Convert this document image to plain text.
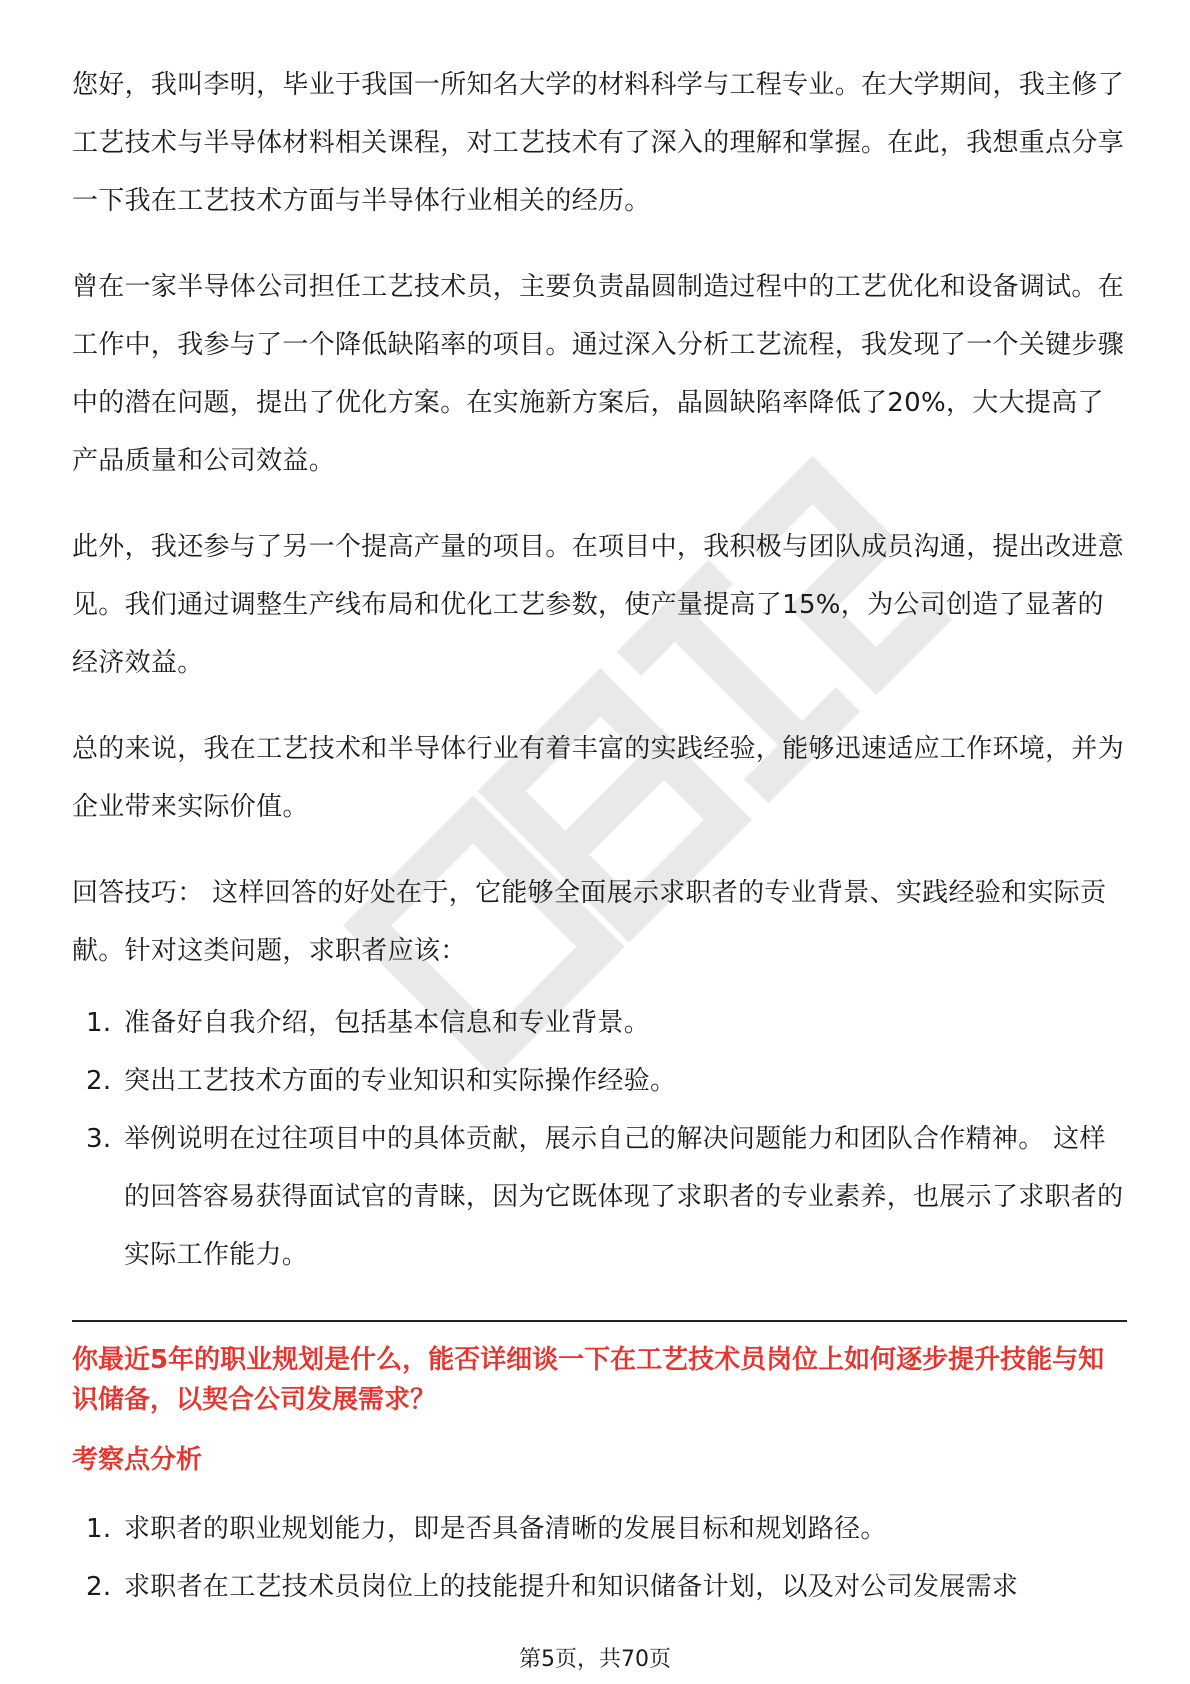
您好，我叫李明，毕业于我国一所知名大学的材料科学与工程专业。在大学期间，我主修了工艺技术与半导体材料相关课程，对工艺技术有了深入的理解和掌握。在此，我想重点分享一下我在工艺技术方面与半导体行业相关的经历。

曾在一家半导体公司担任工艺技术员，主要负责晶圆制造过程中的工艺优化和设备调试。在工作中，我参与了一个降低缺陷率的项目。通过深入分析工艺流程，我发现了一个关键步骤中的潜在问题，提出了优化方案。在实施新方案后，晶圆缺陷率降低了20%，大大提高了产品质量和公司效益。

此外，我还参与了另一个提高产量的项目。在项目中，我积极与团队成员沟通，提出改进意见。我们通过调整生产线布局和优化工艺参数，使产量提高了15%，为公司创造了显著的经济效益。

总的来说，我在工艺技术和半导体行业有着丰富的实践经验，能够迅速适应工作环境，并为企业带来实际价值。

回答技巧： 这样回答的好处在于，它能够全面展示求职者的专业背景、实践经验和实际贡献。针对这类问题，求职者应该：

1. 准备好自我介绍，包括基本信息和专业背景。
2. 突出工艺技术方面的专业知识和实际操作经验。
3. 举例说明在过往项目中的具体贡献，展示自己的解决问题能力和团队合作精神。 这样的回答容易获得面试官的青睐，因为它既体现了求职者的专业素养，也展示了求职者的实际工作能力。
你最近5年的职业规划是什么，能否详细谈一下在工艺技术员岗位上如何逐步提升技能与知识储备，以契合公司发展需求？
考察点分析
1. 求职者的职业规划能力，即是否具备清晰的发展目标和规划路径。
2. 求职者在工艺技术员岗位上的技能提升和知识储备计划，以及对公司发展需求
第5页，共70页
